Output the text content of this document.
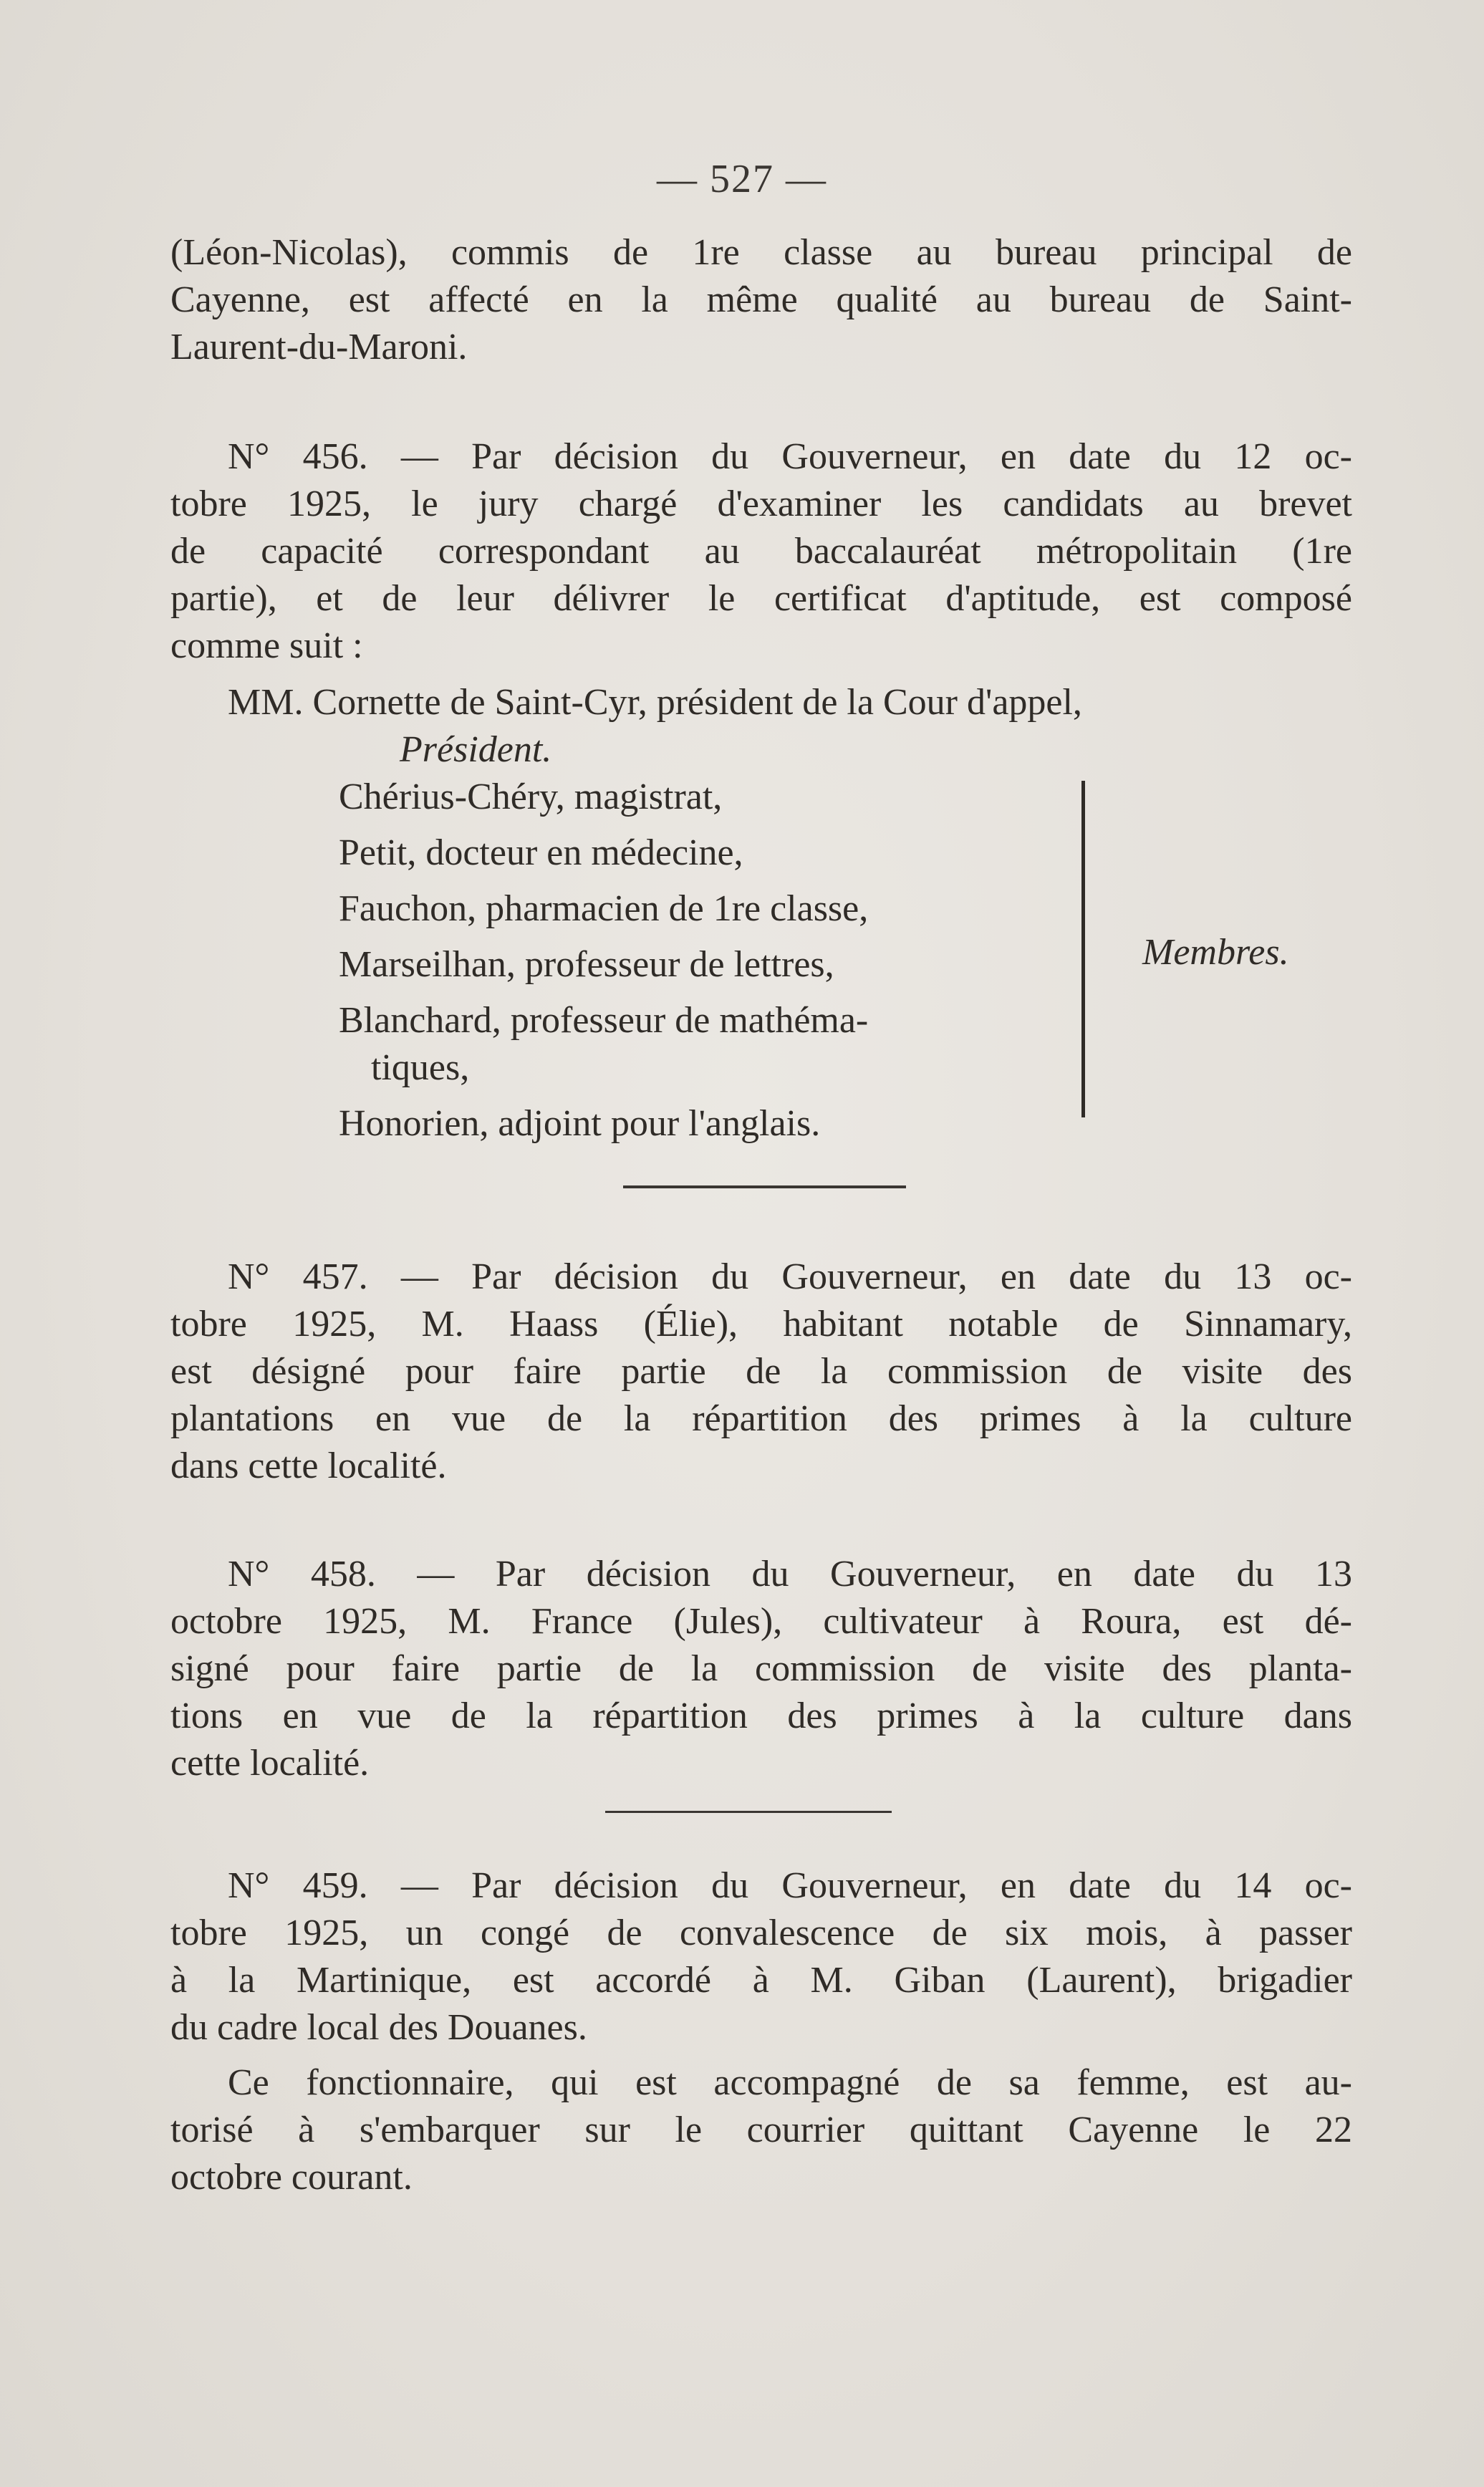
— 527 —
(Léon-Nicolas), commis de 1re classe au bureau principal de
Cayenne, est affecté en la même qualité au bureau de Saint-
Laurent-du-Maroni.
N° 456. — Par décision du Gouverneur, en date du 12 oc-
tobre 1925, le jury chargé d'examiner les candidats au brevet
de capacité correspondant au baccalauréat métropolitain (1re
partie), et de leur délivrer le certificat d'aptitude, est composé
comme suit :
MM. Cornette de Saint-Cyr, président de la Cour d'appel,
Président.
Chérius-Chéry, magistrat,
Petit, docteur en médecine,
Fauchon, pharmacien de 1re classe,
Marseilhan, professeur de lettres,
Blanchard, professeur de mathéma-
tiques,
Honorien, adjoint pour l'anglais.
Membres.
N° 457. — Par décision du Gouverneur, en date du 13 oc-
tobre 1925, M. Haass (Élie), habitant notable de Sinnamary,
est désigné pour faire partie de la commission de visite des
plantations en vue de la répartition des primes à la culture
dans cette localité.
N° 458. — Par décision du Gouverneur, en date du 13
octobre 1925, M. France (Jules), cultivateur à Roura, est dé-
signé pour faire partie de la commission de visite des planta-
tions en vue de la répartition des primes à la culture dans
cette localité.
N° 459. — Par décision du Gouverneur, en date du 14 oc-
tobre 1925, un congé de convalescence de six mois, à passer
à la Martinique, est accordé à M. Giban (Laurent), brigadier
du cadre local des Douanes.
Ce fonctionnaire, qui est accompagné de sa femme, est au-
torisé à s'embarquer sur le courrier quittant Cayenne le 22
octobre courant.
